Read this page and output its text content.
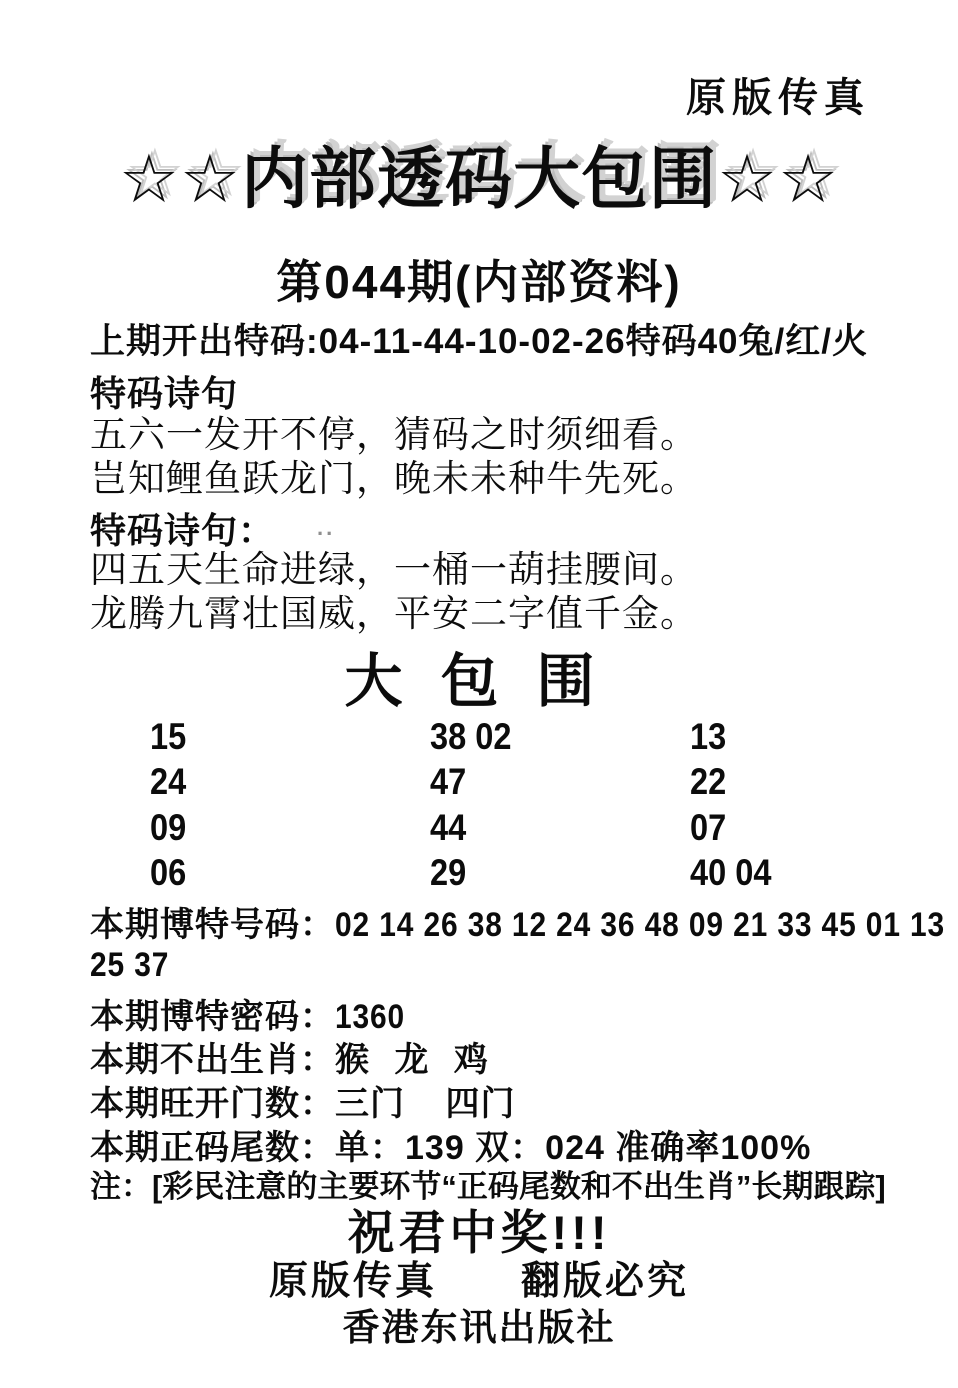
原版传真
☆☆内部透码大包围☆☆
第044期(内部资料)
上期开出特码:04-11-44-10-02-26特码40兔/红/火
特码诗句
五六一发开不停，猜码之时须细看。
岂知鲤鱼跃龙门，晚未未种牛先死。
特码诗句： ..
四五天生命进绿，一桶一葫挂腰间。
龙腾九霄壮国威，平安二字值千金。
大包围
15	38 02	13
24	47	22
09	44	07
06	29	40 04
本期博特号码：02 14 26 38 12 24 36 48 09 21 33 45 01 13
25 37
本期博特密码：1360
本期不出生肖：猴 龙 鸡
本期旺开门数：三门 四门
本期正码尾数：单：139 双：024 准确率100%
注：[彩民注意的主要环节“正码尾数和不出生肖”长期跟踪]
祝君中奖!!!
原版传真　　翻版必究
香港东讯出版社
